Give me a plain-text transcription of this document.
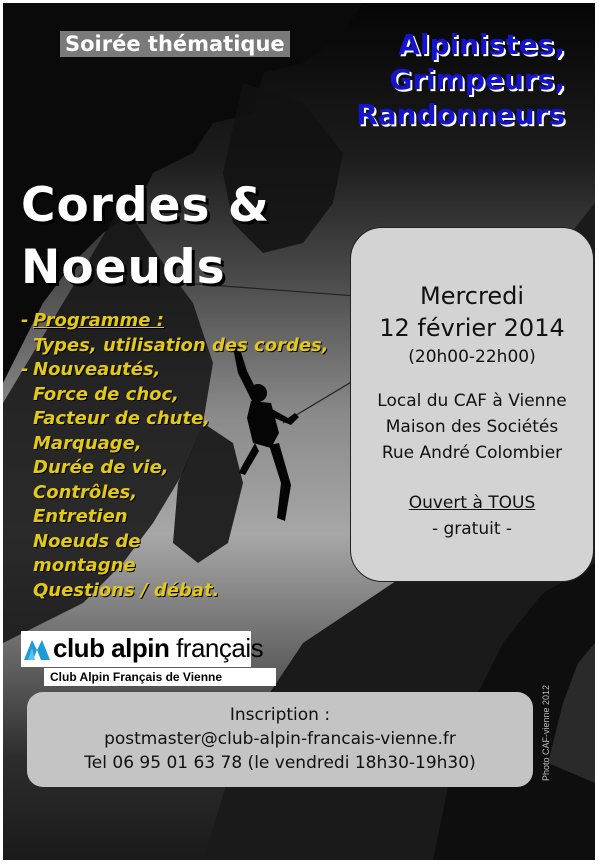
Soirée thématique	Alpinistes,
Grimpeurs,
Randonneurs
Cordes &
Noeuds
- Programme :
Types, utilisation des cordes,
- Nouveautés,
Force de choc,
Facteur de chute,
Marquage,
Durée de vie,
Contrôles,
Entretien
Noeuds de
montagne
Questions / débat.
Mercredi
12 février 2014
(20h00-22h00)
Local du CAF à Vienne
Maison des Sociétés
Rue André Colombier
Ouvert à TOUS
- gratuit -
club alpin français
Club Alpin Français de Vienne
Inscription :
postmaster@club-alpin-francais-vienne.fr
Tel 06 95 01 63 78 (le vendredi 18h30-19h30)	Photo CAF-vienne 2012
